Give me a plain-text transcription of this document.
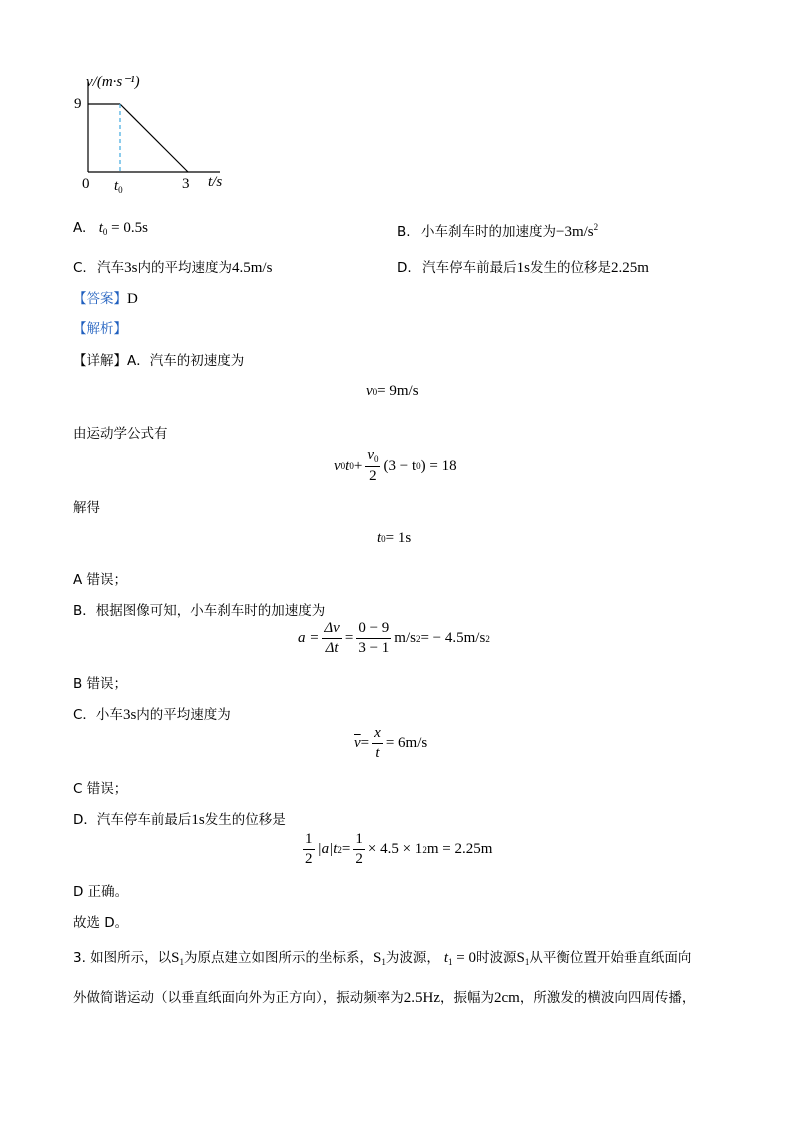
v/(m·s⁻¹)
9
0 $t_0$	3 t/s
A. $t_0 = 0.5s$	B. 小车刹车时的加速度为$-3m/s^2$
C. 汽车3s内的平均速度为4.5m/s	D. 汽车停车前最后1s发生的位移是2.25m
【答案】D
【解析】
【详解】A．汽车的初速度为
v 0 = 9m/s
由运动学公式有
v 0 t $0 + \frac{v_0}{2} (3 - t$ 0 ) = 18
解得
t 0 = 1s
A 错误；
B．根据图像可知，小车刹车时的加速度为
$a = \frac{\Delta v}{\Delta t} = \frac{0 - 9}{3 - 1} m/s$ 2 = − 4.5m/s 2
B 错误；
C．小车3s内的平均速度为
$\overline{v} = \frac{x}{t} = 6m/s$
C 错误；
D．汽车停车前最后1s发生的位移是
$\frac{1}{2} |a|$ t $2 = \frac{1}{2} \times 4.5 \times 1$ 2 m = 2.25m
D 正确。
故选 D。
3. 如图所示，以$S_1$为原点建立如图所示的坐标系，$S_1$为波源， $t_1 = 0$时波源$S_1$从平衡位置开始垂直纸面向
外做简谐运动（以垂直纸面向外为正方向），振动频率为2.5Hz，振幅为2cm，所激发的横波向四周传播，
